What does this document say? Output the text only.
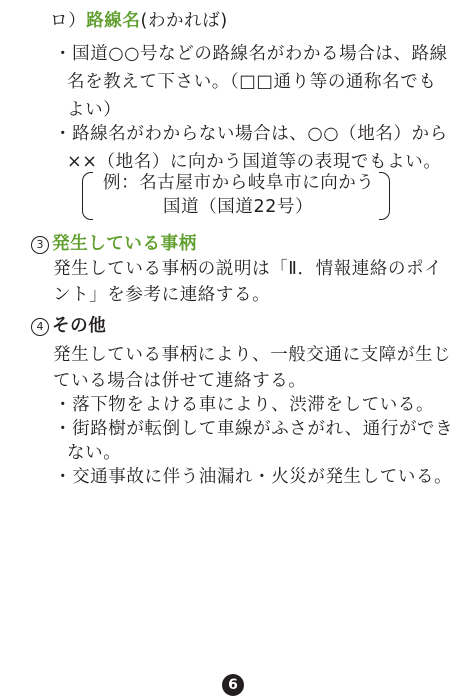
ロ）路線名(わかれば)
・国道○○号などの路線名がわかる場合は、路線
名を教えて下さい。（□□通り等の通称名でも
よい）
・路線名がわからない場合は、○○（地名）から
××（地名）に向かう国道等の表現でもよい。
例：名古屋市から岐阜市に向かう
国道（国道22号）
3 発生している事柄
発生している事柄の説明は「Ⅱ．情報連絡のポイ
ント」を参考に連絡する。
4 その他
発生している事柄により、一般交通に支障が生じ
ている場合は併せて連絡する。
・落下物をよける車により、渋滞をしている。
・街路樹が転倒して車線がふさがれ、通行ができ
ない。
・交通事故に伴う油漏れ・火災が発生している。
6
